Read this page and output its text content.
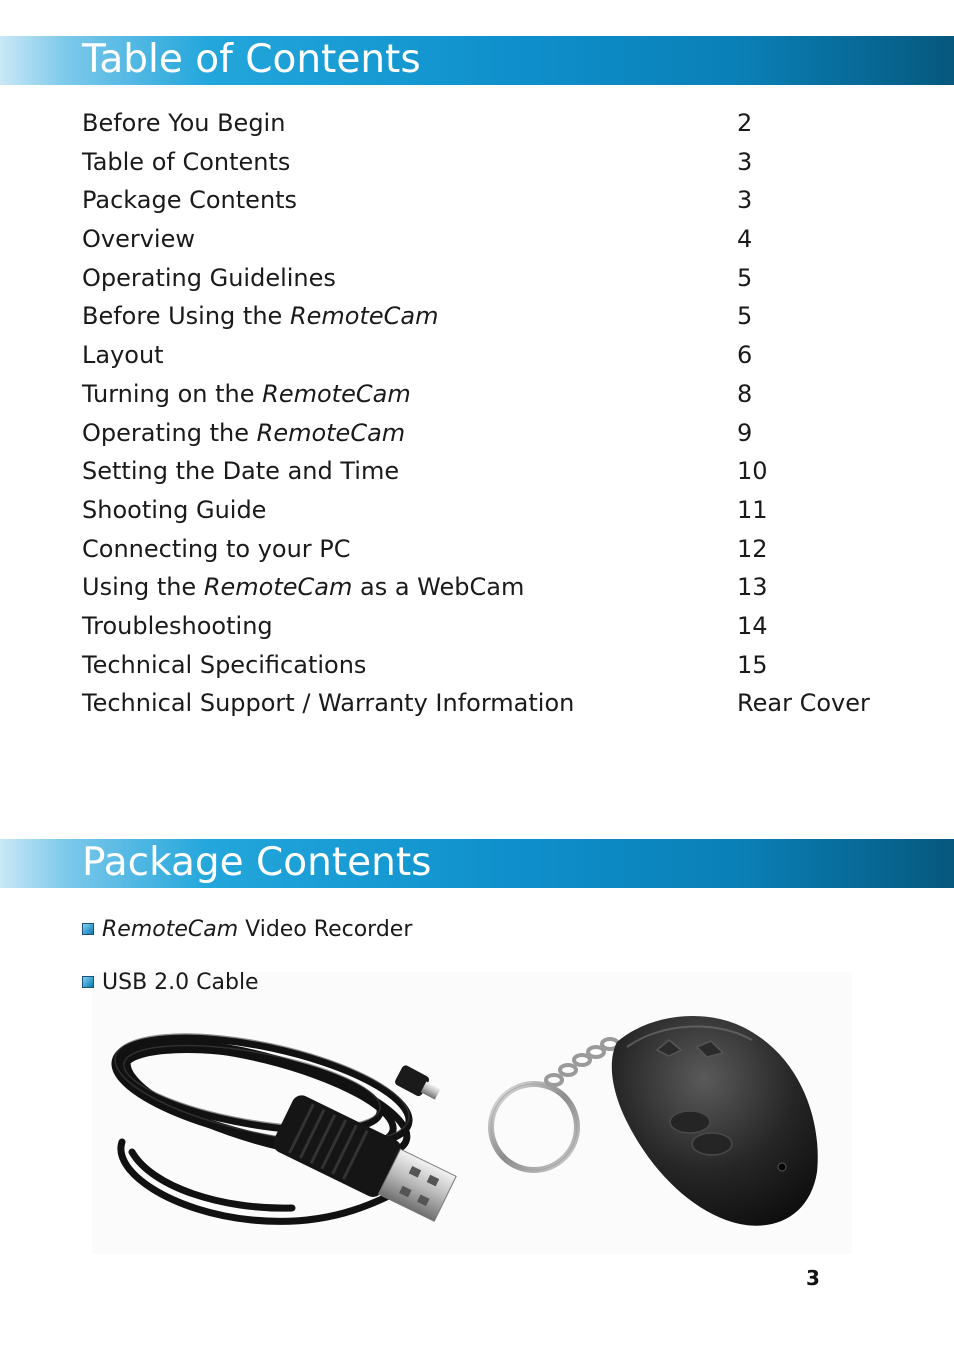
Table of Contents
Before You Begin	2
Table of Contents	3
Package Contents	3
Overview	4
Operating Guidelines	5
Before Using the RemoteCam	5
Layout	6
Turning on the RemoteCam	8
Operating the RemoteCam	9
Setting the Date and Time	10
Shooting Guide	11
Connecting to your PC	12
Using the RemoteCam as a WebCam	13
Troubleshooting	14
Technical Specifications	15
Technical Support / Warranty Information	Rear Cover
Package Contents
RemoteCam Video Recorder
USB 2.0 Cable
3
